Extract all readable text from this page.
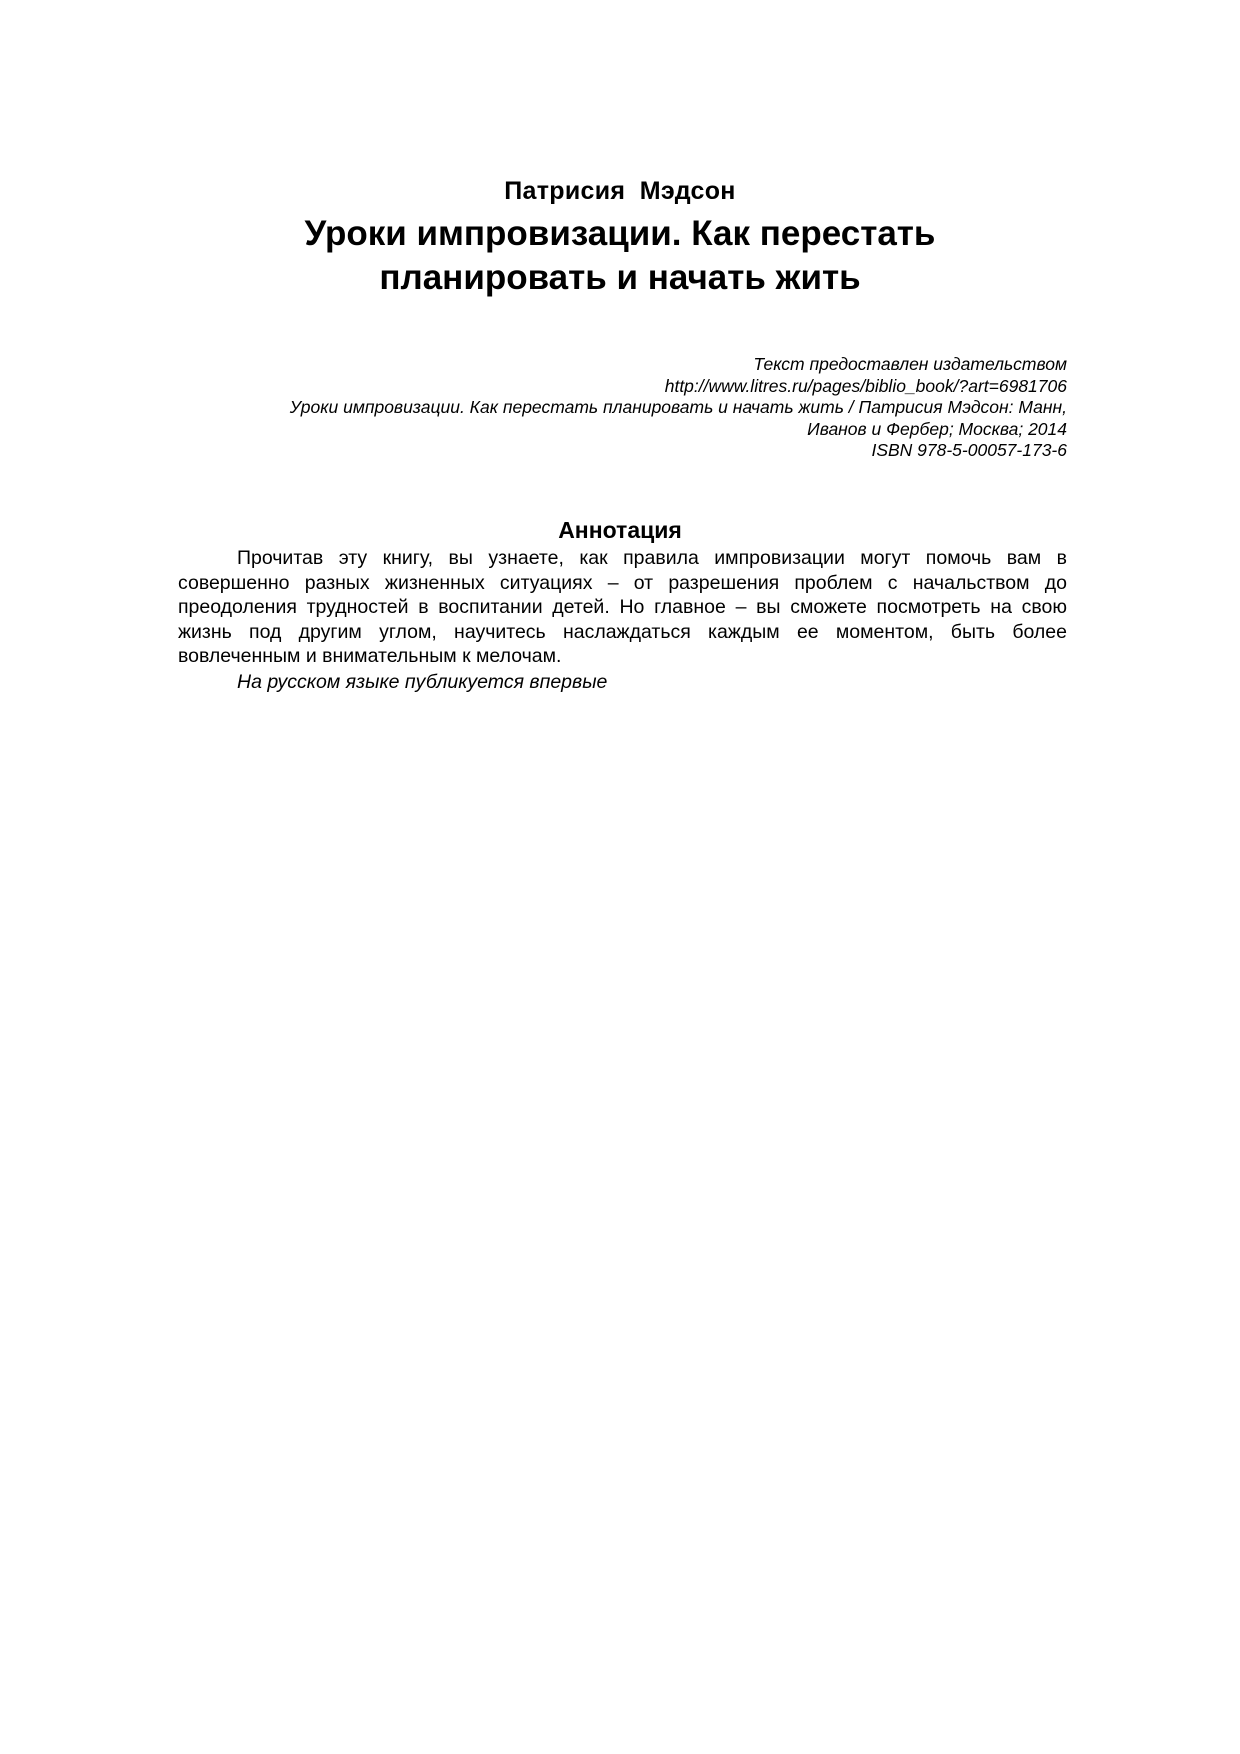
Патрисия  Мэдсон
Уроки импровизации. Как перестать планировать и начать жить
Текст предоставлен издательством
http://www.litres.ru/pages/biblio_book/?art=6981706
Уроки импровизации. Как перестать планировать и начать жить / Патрисия Мэдсон: Манн,
Иванов и Фербер; Москва; 2014
ISBN 978-5-00057-173-6
Аннотация

Прочитав эту книгу, вы узнаете, как правила импровизации могут помочь вам в совершенно разных жизненных ситуациях – от разрешения проблем с начальством до преодоления трудностей в воспитании детей. Но главное – вы сможете посмотреть на свою жизнь под другим углом, научитесь наслаждаться каждым ее моментом, быть более вовлеченным и внимательным к мелочам.

На русском языке публикуется впервые
